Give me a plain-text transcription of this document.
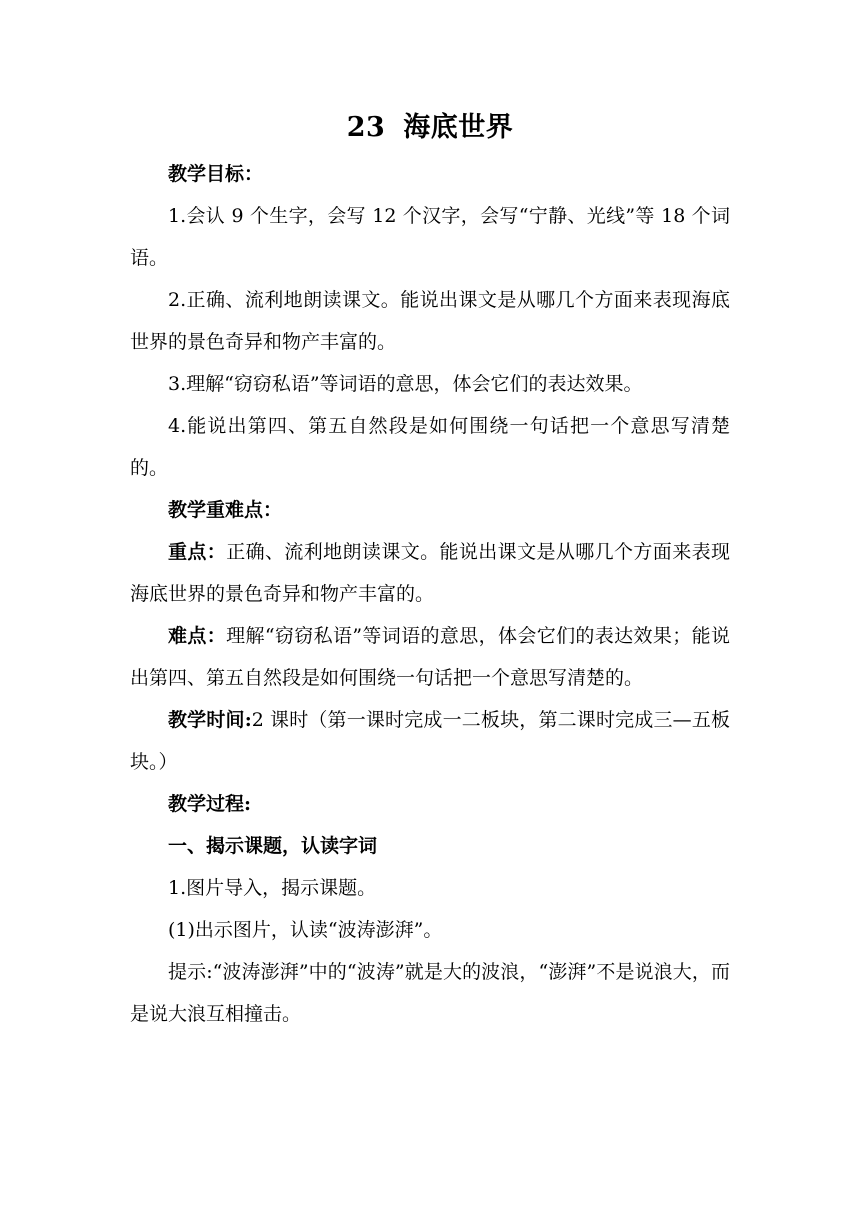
23 海底世界

教学目标：

1.会认 9 个生字，会写 12 个汉字，会写“宁静、光线”等 18 个词语。

2.正确、流利地朗读课文。能说出课文是从哪几个方面来表现海底世界的景色奇异和物产丰富的。

3.理解“窃窃私语”等词语的意思，体会它们的表达效果。

4.能说出第四、第五自然段是如何围绕一句话把一个意思写清楚的。

教学重难点：

重点：正确、流利地朗读课文。能说出课文是从哪几个方面来表现海底世界的景色奇异和物产丰富的。

难点：理解“窃窃私语”等词语的意思，体会它们的表达效果；能说出第四、第五自然段是如何围绕一句话把一个意思写清楚的。

教学时间:2 课时（第一课时完成一二板块，第二课时完成三—五板块。）

教学过程:

一、揭示课题，认读字词

1.图片导入，揭示课题。

(1)出示图片，认读“波涛澎湃”。

提示:“波涛澎湃”中的“波涛”就是大的波浪，“澎湃”不是说浪大，而是说大浪互相撞击。
